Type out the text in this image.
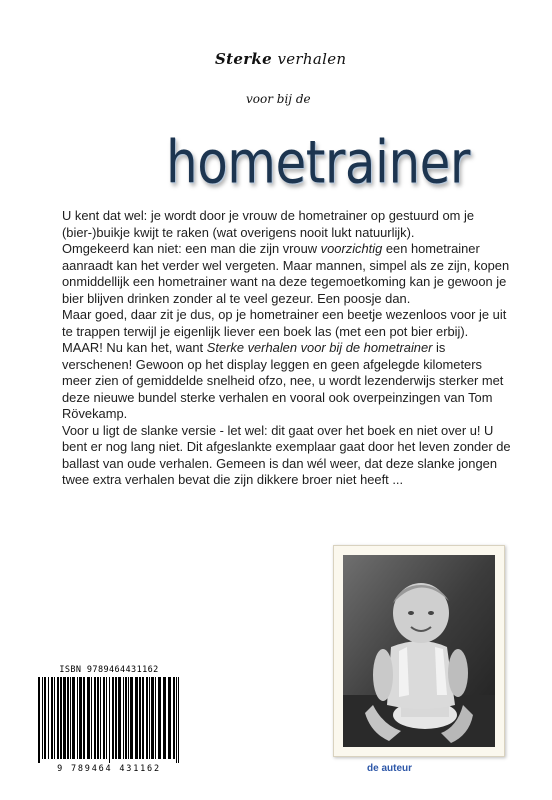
Sterke verhalen
voor bij de
hometrainer

U kent dat wel: je wordt door je vrouw de hometrainer op gestuurd om je (bier-)buikje kwijt te raken (wat overigens nooit lukt natuurlijk).

Omgekeerd kan niet: een man die zijn vrouw voorzichtig een hometrainer aanraadt kan het verder wel vergeten. Maar mannen, simpel als ze zijn, kopen onmiddellijk een hometrainer want na deze tegemoetkoming kan je gewoon je bier blijven drinken zonder al te veel gezeur. Een poosje dan.

Maar goed, daar zit je dus, op je hometrainer een beetje wezenloos voor je uit te trappen terwijl je eigenlijk liever een boek las (met een pot bier erbij). MAAR! Nu kan het, want Sterke verhalen voor bij de hometrainer is verschenen! Gewoon op het display leggen en geen afgelegde kilometers meer zien of gemiddelde snelheid ofzo, nee, u wordt lezenderwijs sterker met deze nieuwe bundel sterke verhalen en vooral ook overpeinzingen van Tom Rövekamp.

Voor u ligt de slanke versie - let wel: dit gaat over het boek en niet over u! U bent er nog lang niet. Dit afgeslankte exemplaar gaat door het leven zonder de ballast van oude verhalen. Gemeen is dan wél weer, dat deze slanke jongen twee extra verhalen bevat die zijn dikkere broer niet heeft ...

de auteur
ISBN 9789464431162
9 789464 431162
